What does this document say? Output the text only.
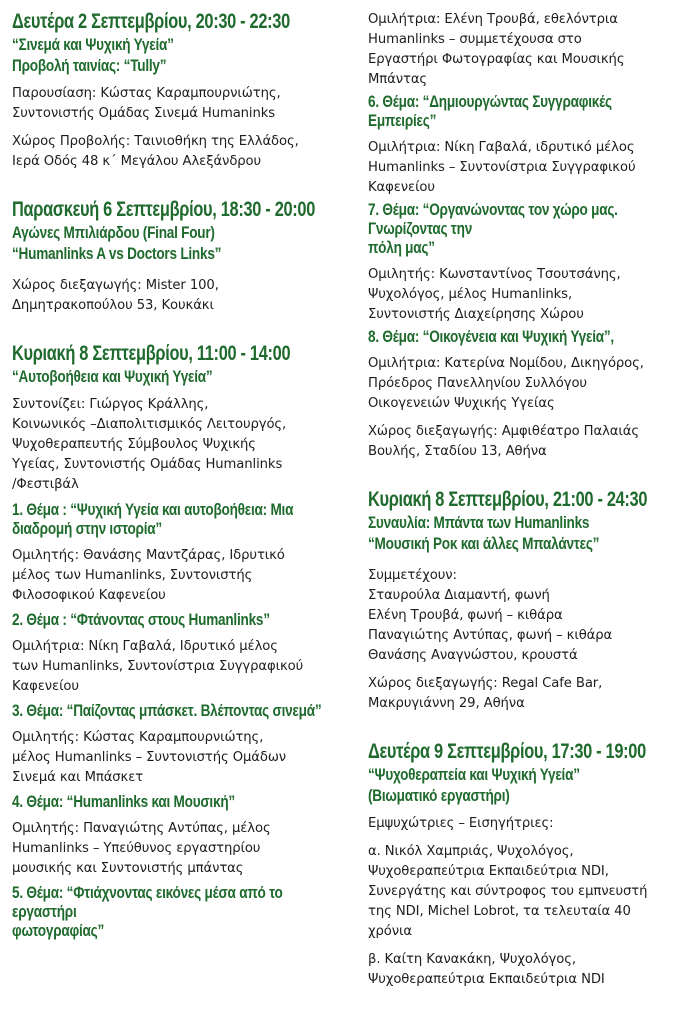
Δευτέρα 2 Σεπτεμβρίου, 20:30 - 22:30
“Σινεμά και Ψυχική Υγεία”
Προβολή ταινίας: “Tully”
Παρουσίαση: Κώστας Καραμπουρνιώτης,
Συντονιστής Ομάδας Σινεμά Humaninks
Χώρος Προβολής: Ταινιοθήκη της Ελλάδος,
Ιερά Οδός 48 κ΄ Μεγάλου Αλεξάνδρου
Παρασκευή 6 Σεπτεμβρίου, 18:30 - 20:00
Αγώνες Μπιλιάρδου (Final Four)
“Humanlinks A vs Doctors Links”
Χώρος διεξαγωγής: Mister 100,
Δημητρακοπούλου 53, Κουκάκι
Κυριακή 8 Σεπτεμβρίου, 11:00 - 14:00
“Αυτοβοήθεια και Ψυχική Υγεία”
Συντονίζει: Γιώργος Κράλλης,
Κοινωνικός –Διαπολιτισμικός Λειτουργός,
Ψυχοθεραπευτής Σύμβουλος Ψυχικής
Υγείας, Συντονιστής Ομάδας Humanlinks
/Φεστιβάλ
1. Θέμα : “Ψυχική Υγεία και αυτοβοήθεια: Μια
διαδρομή στην ιστορία”
Ομιλητής: Θανάσης Μαντζάρας, Ιδρυτικό
μέλος των Humanlinks, Συντονιστής
Φιλοσοφικού Καφενείου
2. Θέμα : “Φτάνοντας στους Humanlinks”
Ομιλήτρια: Νίκη Γαβαλά, Ιδρυτικό μέλος
των Humanlinks, Συντονίστρια Συγγραφικού
Καφενείου
3. Θέμα: “Παίζοντας μπάσκετ. Βλέποντας σινεμά”
Ομιλητής: Κώστας Καραμπουρνιώτης,
μέλος Humanlinks – Συντονιστής Ομάδων
Σινεμά και Μπάσκετ
4. Θέμα: “Humanlinks και Μουσική”
Ομιλητής: Παναγιώτης Αντύπας, μέλος
Humanlinks – Υπεύθυνος εργαστηρίου
μουσικής και Συντονιστής μπάντας
5. Θέμα: “Φτιάχνοντας εικόνες μέσα από το εργαστήρι
φωτογραφίας”
Ομιλήτρια: Ελένη Τρουβά, εθελόντρια
Humanlinks – συμμετέχουσα στο
Εργαστήρι Φωτογραφίας και Μουσικής
Μπάντας
6. Θέμα: “Δημιουργώντας Συγγραφικές Εμπειρίες”
Ομιλήτρια: Νίκη Γαβαλά, ιδρυτικό μέλος
Humanlinks – Συντονίστρια Συγγραφικού
Καφενείου
7. Θέμα: “Οργανώνοντας τον χώρο μας. Γνωρίζοντας την
πόλη μας”
Ομιλητής: Κωνσταντίνος Τσουτσάνης,
Ψυχολόγος, μέλος Humanlinks,
Συντονιστής Διαχείρησης Χώρου
8. Θέμα: “Οικογένεια και Ψυχική Υγεία”,
Ομιλήτρια: Κατερίνα Νομίδου, Δικηγόρος,
Πρόεδρος Πανελληνίου Συλλόγου
Οικογενειών Ψυχικής Υγείας
Χώρος διεξαγωγής: Αμφιθέατρο Παλαιάς
Βουλής, Σταδίου 13, Αθήνα
Κυριακή 8 Σεπτεμβρίου, 21:00 - 24:30
Συναυλία: Μπάντα των Humanlinks
“Μουσική Ροκ και άλλες Μπαλάντες”
Συμμετέχουν:
Σταυρούλα Διαμαντή, φωνή
Ελένη Τρουβά, φωνή – κιθάρα
Παναγιώτης Αντύπας, φωνή – κιθάρα
Θανάσης Αναγνώστου, κρουστά
Χώρος διεξαγωγής: Regal Cafe Bar,
Μακρυγιάννη 29, Αθήνα
Δευτέρα 9 Σεπτεμβρίου, 17:30 - 19:00
“Ψυχοθεραπεία και Ψυχική Υγεία”
(Βιωματικό εργαστήρι)
Εμψυχώτριες – Εισηγήτριες:
α. Νικόλ Χαμπριάς, Ψυχολόγος,
Ψυχοθεραπεύτρια Εκπαιδεύτρια NDI,
Συνεργάτης και σύντροφος του εμπνευστή
της NDI, Michel Lobrot, τα τελευταία 40
χρόνια
β. Καίτη Κανακάκη, Ψυχολόγος,
Ψυχοθεραπεύτρια Εκπαιδεύτρια NDI
